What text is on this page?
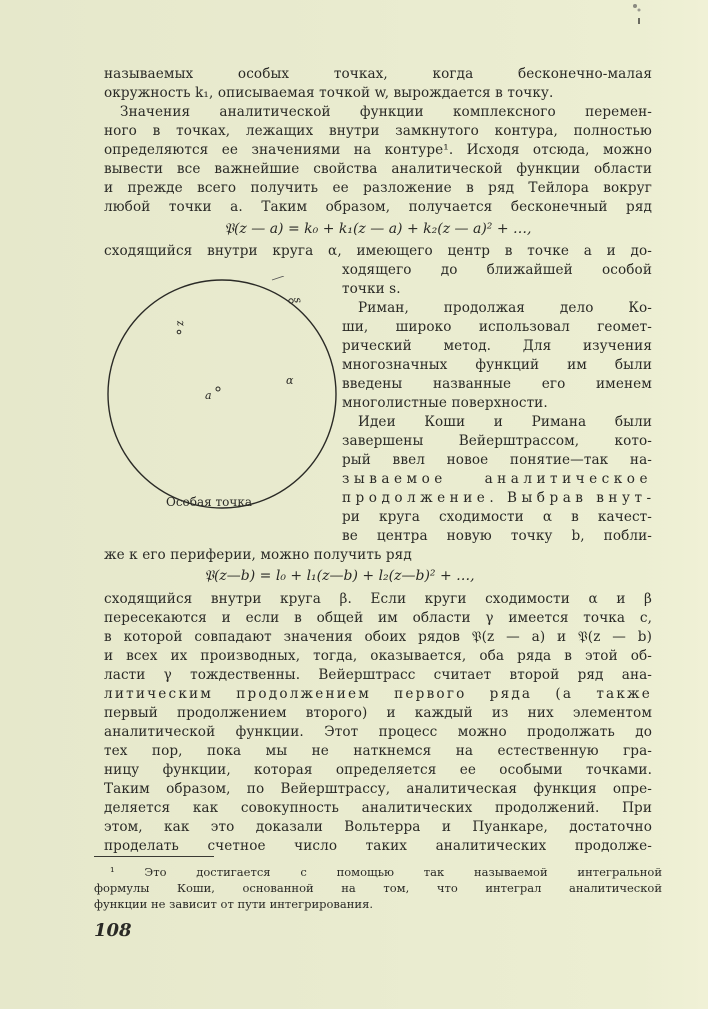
называемых особых точках, когда бесконечно-малая
окружность k₁, описываемая точкой w, вырождается в точку.
Значения аналитической функции комплексного перемен-
ного в точках, лежащих внутри замкнутого контура, полностью
определяются ее значениями на контуре¹. Исходя отсюда, можно
вывести все важнейшие свойства аналитической функции области
и прежде всего получить ее разложение в ряд Тейлора вокруг
любой точки a. Таким образом, получается бесконечный ряд
𝔓(z — a) = k₀ + k₁(z — a) + k₂(z — a)² + …,
сходящийся внутри круга α, имеющего центр в точке a и до-
ходящего до ближайшей особой
точки s.
Риман, продолжая дело Ко-
ши, широко использовал геомет-
рический метод. Для изучения
многозначных функций им были
введены названные его именем
многолистные поверхности.
Идеи Коши и Римана были
завершены Вейерштрассом, кото-
рый ввел новое понятие—так на-
зываемое аналитическое
продолжение. Выбрав внут-
ри круга сходимости α в качест-
ве центра новую точку b, побли-
s
z
a
α
Особая точка
же к его периферии, можно получить ряд
𝔓(z—b) = l₀ + l₁(z—b) + l₂(z—b)² + …,
сходящийся внутри круга β. Если круги сходимости α и β
пересекаются и если в общей им области γ имеется точка c,
в которой совпадают значения обоих рядов 𝔓(z — a) и 𝔓(z — b)
и всех их производных, тогда, оказывается, оба ряда в этой об-
ласти γ тождественны. Вейерштрасс считает второй ряд ана-
литическим продолжением первого ряда (а также
первый продолжением второго) и каждый из них элементом
аналитической функции. Этот процесс можно продолжать до
тех пор, пока мы не наткнемся на естественную гра-
ницу функции, которая определяется ее особыми точками.
Таким образом, по Вейерштрассу, аналитическая функция опре-
деляется как совокупность аналитических продолжений. При
этом, как это доказали Вольтерра и Пуанкаре, достаточно
проделать счетное число таких аналитических продолже-
¹ Это достигается с помощью так называемой интегральной
формулы Коши, основанной на том, что интеграл аналитической
функции не зависит от пути интегрирования.
108
